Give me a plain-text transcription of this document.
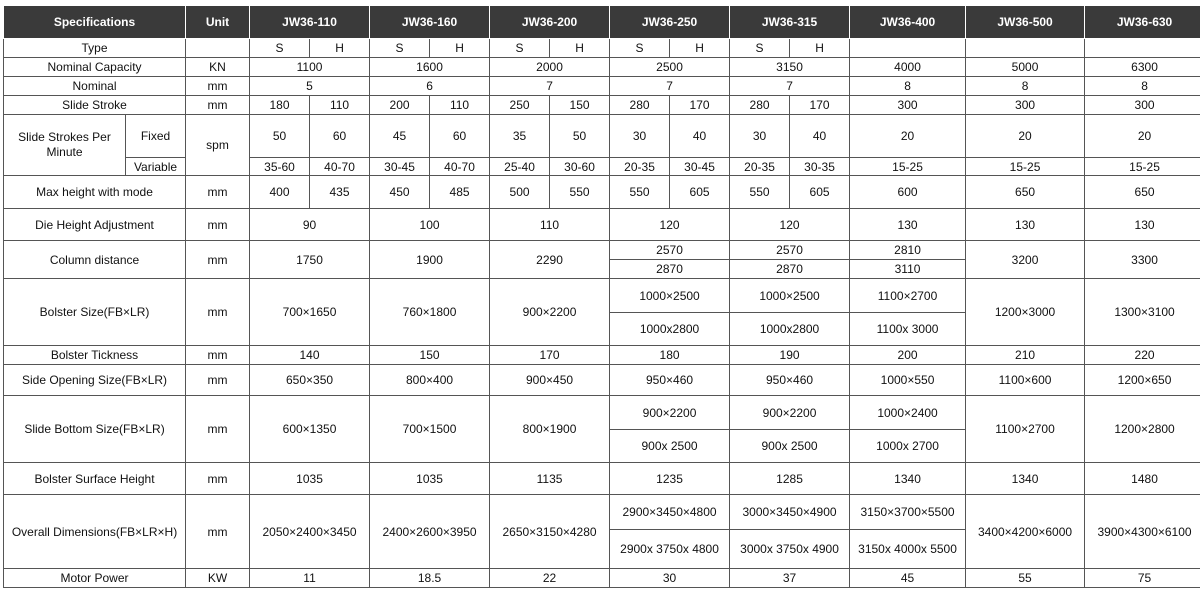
Specifications		Unit	JW36-110		JW36-160		JW36-200		JW36-250		JW36-315		JW36-400	JW36-500	JW36-630
Type			S	H	S	H	S	H	S	H	S	H			
Nominal Capacity		KN	1100		1600		2000		2500		3150		4000	5000	6300
Nominal		mm	5		6		7		7		7		8	8	8
Slide Stroke		mm	180	110	200	110	250	150	280	170	280	170	300	300	300
Slide Strokes Per Minute	Fixed	spm	50	60	45	60	35	50	30	40	30	40	20	20	20
	Variable		35-60	40-70	30-45	40-70	25-40	30-60	20-35	30-45	20-35	30-35	15-25	15-25	15-25
Max height with mode		mm	400	435	450	485	500	550	550	605	550	605	600	650	650
Die Height Adjustment		mm	90		100		110		120		120		130	130	130
Column distance		mm	1750		1900		2290		2570		2570		2810	3200	3300
									2870		2870		3110		
Bolster Size(FB×LR)		mm	700×1650		760×1800		900×2200		1000×2500		1000×2500		1100×2700	1200×3000	1300×3100
									1000x2800		1000x2800		1100x 3000		
Bolster Tickness		mm	140		150		170		180		190		200	210	220
Side Opening Size(FB×LR)		mm	650×350		800×400		900×450		950×460		950×460		1000×550	1100×600	1200×650
Slide Bottom Size(FB×LR)		mm	600×1350		700×1500		800×1900		900×2200		900×2200		1000×2400	1100×2700	1200×2800
									900x 2500		900x 2500		1000x 2700		
Bolster Surface Height		mm	1035		1035		1135		1235		1285		1340	1340	1480
Overall Dimensions(FB×LR×H)		mm	2050×2400×3450		2400×2600×3950		2650×3150×4280		2900×3450×4800		3000×3450×4900		3150×3700×5500	3400×4200×6000	3900×4300×6100
									2900x 3750x 4800		3000x 3750x 4900		3150x 4000x 5500		
Motor Power		KW	11		18.5		22		30		37		45	55	75
